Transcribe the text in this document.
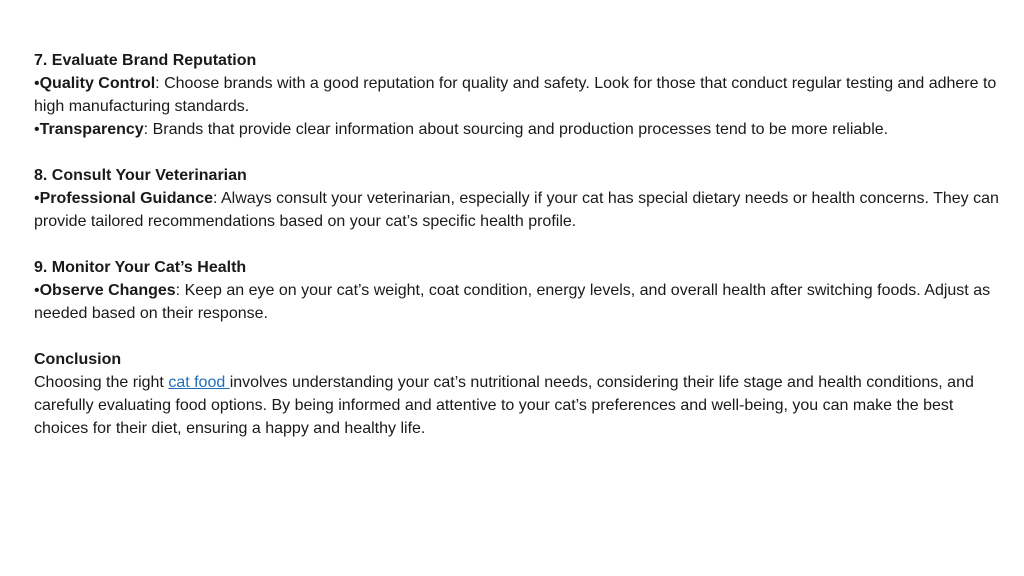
7. Evaluate Brand Reputation

•Quality Control: Choose brands with a good reputation for quality and safety. Look for those that conduct regular testing and adhere to high manufacturing standards.

•Transparency: Brands that provide clear information about sourcing and production processes tend to be more reliable.

8. Consult Your Veterinarian

•Professional Guidance: Always consult your veterinarian, especially if your cat has special dietary needs or health concerns. They can provide tailored recommendations based on your cat’s specific health profile.

9. Monitor Your Cat’s Health

•Observe Changes: Keep an eye on your cat’s weight, coat condition, energy levels, and overall health after switching foods. Adjust as needed based on their response.

Conclusion

Choosing the right cat food involves understanding your cat’s nutritional needs, considering their life stage and health conditions, and carefully evaluating food options. By being informed and attentive to your cat’s preferences and well-being, you can make the best choices for their diet, ensuring a happy and healthy life.
